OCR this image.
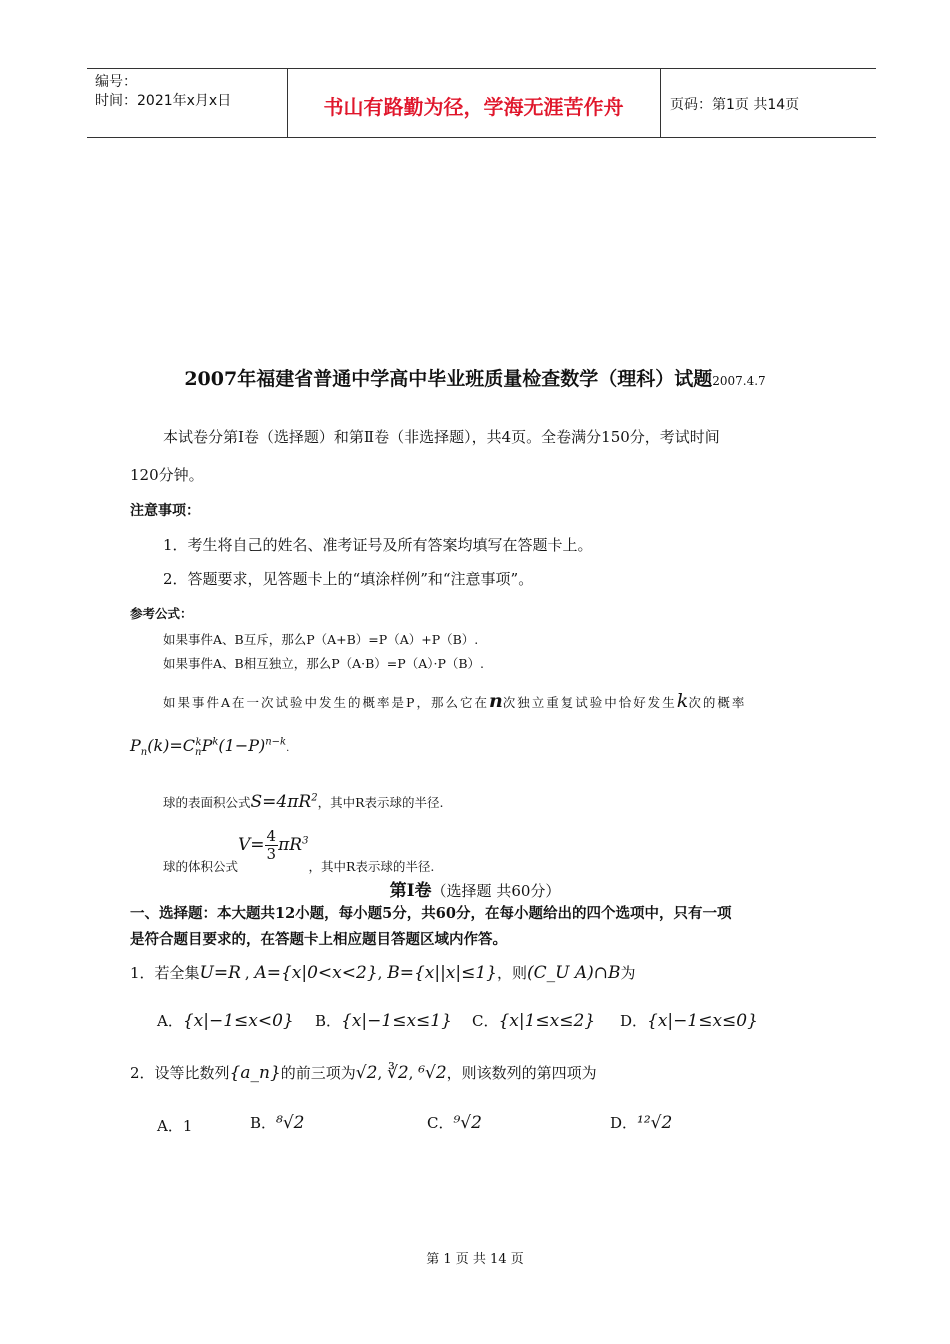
编号：
时间：2021年x月x日	书山有路勤为径，学海无涯苦作舟	页码：第1页 共14页
2007年福建省普通中学高中毕业班质量检查数学（理科）试题2007.4.7
本试卷分第Ⅰ卷（选择题）和第Ⅱ卷（非选择题），共4页。全卷满分150分，考试时间
120分钟。
注意事项：
1．考生将自己的姓名、准考证号及所有答案均填写在答题卡上。
2．答题要求，见答题卡上的“填涂样例”和“注意事项”。
参考公式：
如果事件A、B互斥，那么P（A+B）=P（A）+P（B）.
如果事件A、B相互独立，那么P（A·B）=P（A）·P（B）.
如果事件A在一次试验中发生的概率是P，那么它在n次独立重复试验中恰好发生k次的概率
$P_n(k)=C_n^kP^k(1-P)^{n-k}$.
球的表面积公式$S=4\pi R^2$，其中R表示球的半径.
球的体积公式$V= \frac{4}{3} \pi R^3$，其中R表示球的半径.
第Ⅰ卷（选择题 共60分）
一、选择题：本大题共12小题，每小题5分，共60分，在每小题给出的四个选项中，只有一项
是符合题目要求的，在答题卡上相应题目答题区域内作答。
1．若全集U=R , A={x|0<x<2}, B={x||x|≤1}，则(C_U A)∩B为
A．{x|−1≤x<0} B．{x|−1≤x≤1} C．{x|1≤x≤2} D．{x|−1≤x≤0}
2．设等比数列{a_n}的前三项为√2, ∛2, ⁶√2，则该数列的第四项为
A．1	B．⁸√2	C．⁹√2	D．¹²√2
第 1 页 共 14 页
